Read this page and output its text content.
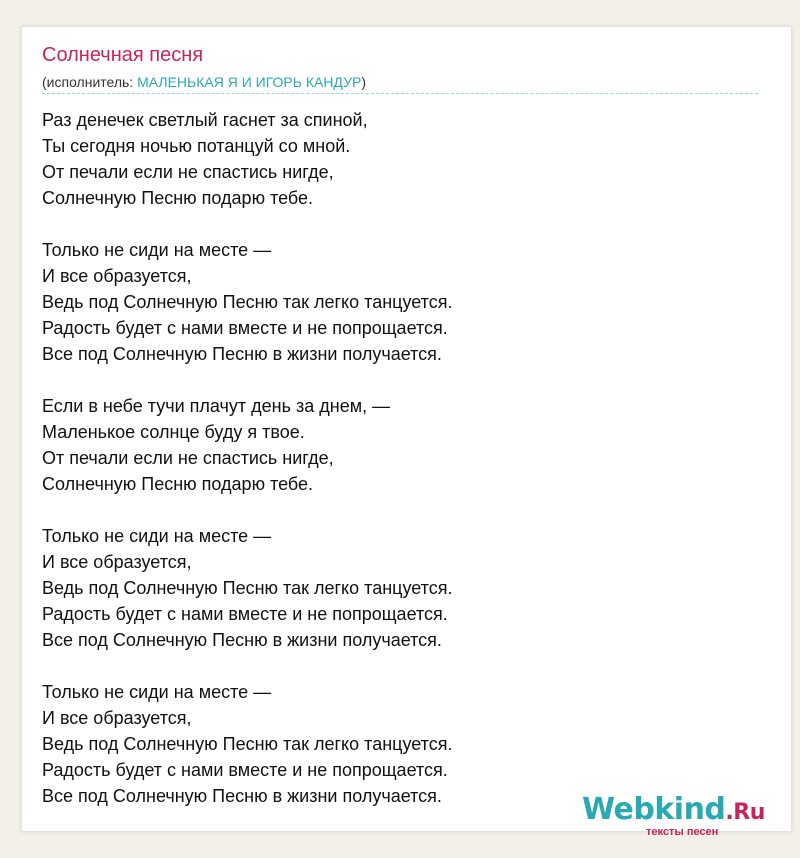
Солнечная песня
(исполнитель: МАЛЕНЬКАЯ Я И ИГОРЬ КАНДУР)
Раз денечек светлый гаснет за спиной,
Ты сегодня ночью потанцуй со мной.
От печали если не спастись нигде,
Солнечную Песню подарю тебе.
Только не сиди на месте —
И все образуется,
Ведь под Солнечную Песню так легко танцуется.
Радость будет с нами вместе и не попрощается.
Все под Солнечную Песню в жизни получается.
Если в небе тучи плачут день за днем, —
Маленькое солнце буду я твое.
От печали если не спастись нигде,
Солнечную Песню подарю тебе.
Только не сиди на месте —
И все образуется,
Ведь под Солнечную Песню так легко танцуется.
Радость будет с нами вместе и не попрощается.
Все под Солнечную Песню в жизни получается.
Только не сиди на месте —
И все образуется,
Ведь под Солнечную Песню так легко танцуется.
Радость будет с нами вместе и не попрощается.
Все под Солнечную Песню в жизни получается.	Webkind.Ru
тексты песен
